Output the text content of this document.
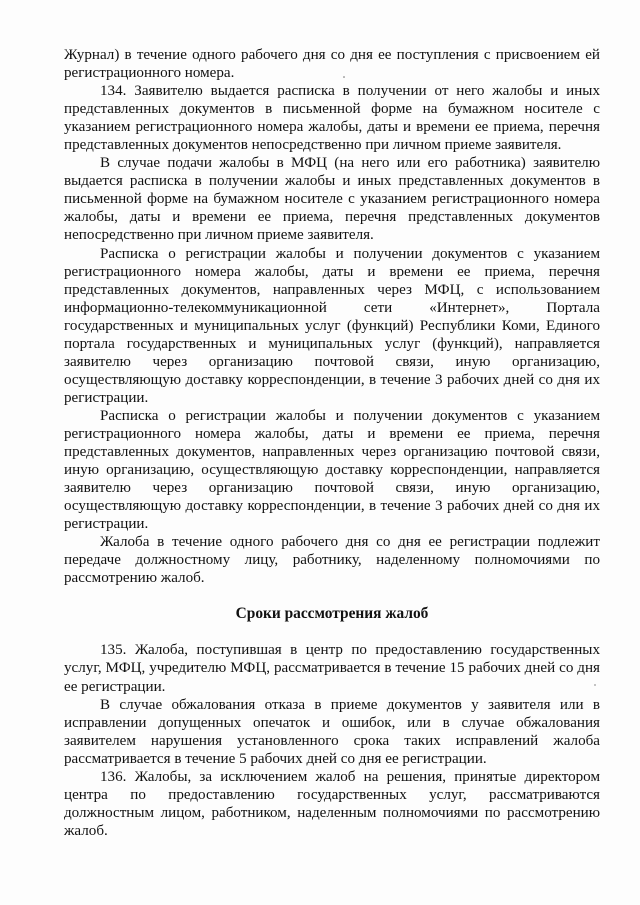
Журнал) в течение одного рабочего дня со дня ее поступления с присвоением ей регистрационного номера.

134. Заявителю выдается расписка в получении от него жалобы и иных представленных документов в письменной форме на бумажном носителе с указанием регистрационного номера жалобы, даты и времени ее приема, перечня представленных документов непосредственно при личном приеме заявителя.

В случае подачи жалобы в МФЦ (на него или его работника) заявителю выдается расписка в получении жалобы и иных представленных документов в письменной форме на бумажном носителе с указанием регистрационного номера жалобы, даты и времени ее приема, перечня представленных документов непосредственно при личном приеме заявителя.

Расписка о регистрации жалобы и получении документов с указанием регистрационного номера жалобы, даты и времени ее приема, перечня представленных документов, направленных через МФЦ, с использованием информационно-телекоммуникационной сети «Интернет», Портала государственных и муниципальных услуг (функций) Республики Коми, Единого портала государственных и муниципальных услуг (функций), направляется заявителю через организацию почтовой связи, иную организацию, осуществляющую доставку корреспонденции, в течение 3 рабочих дней со дня их регистрации.

Расписка о регистрации жалобы и получении документов с указанием регистрационного номера жалобы, даты и времени ее приема, перечня представленных документов, направленных через организацию почтовой связи, иную организацию, осуществляющую доставку корреспонденции, направляется заявителю через организацию почтовой связи, иную организацию, осуществляющую доставку корреспонденции, в течение 3 рабочих дней со дня их регистрации.

Жалоба в течение одного рабочего дня со дня ее регистрации подлежит передаче должностному лицу, работнику, наделенному полномочиями по рассмотрению жалоб.

Сроки рассмотрения жалоб

135. Жалоба, поступившая в центр по предоставлению государственных услуг, МФЦ, учредителю МФЦ, рассматривается в течение 15 рабочих дней со дня ее регистрации.

В случае обжалования отказа в приеме документов у заявителя или в исправлении допущенных опечаток и ошибок, или в случае обжалования заявителем нарушения установленного срока таких исправлений жалоба рассматривается в течение 5 рабочих дней со дня ее регистрации.

136. Жалобы, за исключением жалоб на решения, принятые директором центра по предоставлению государственных услуг, рассматриваются должностным лицом, работником, наделенным полномочиями по рассмотрению жалоб.
